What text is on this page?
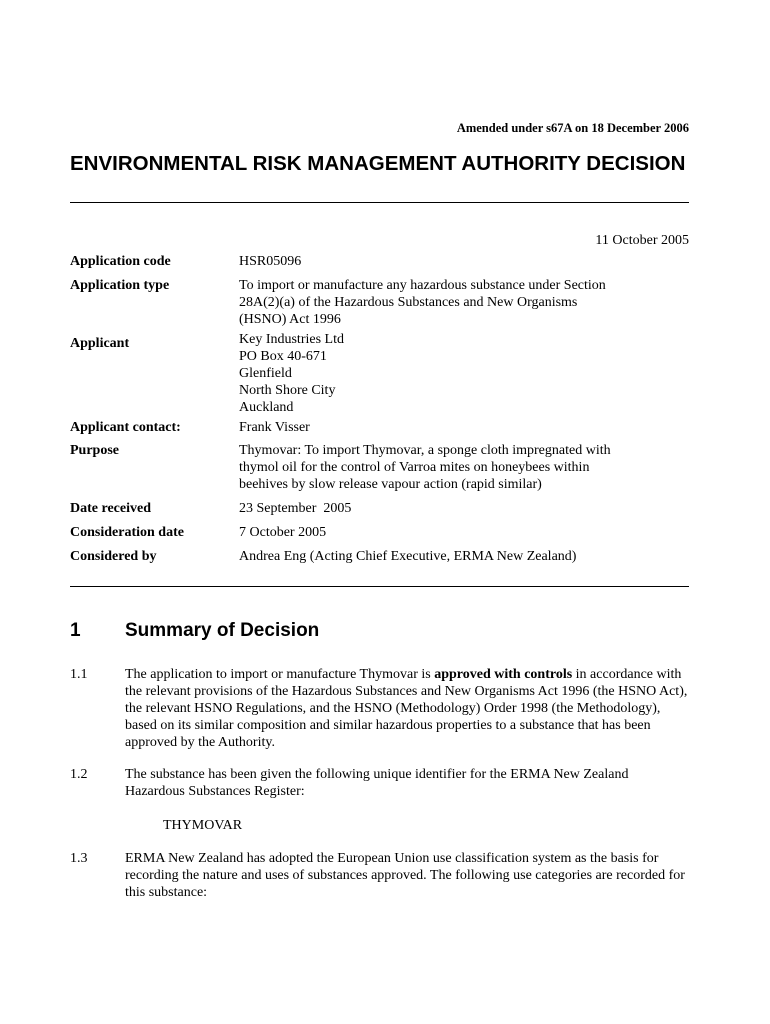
Amended under s67A on 18 December 2006
ENVIRONMENTAL RISK MANAGEMENT AUTHORITY DECISION
11 October 2005
Application code	HSR05096
Application type	To import or manufacture any hazardous substance under Section
28A(2)(a) of the Hazardous Substances and New Organisms
(HSNO) Act 1996
Applicant	Key Industries Ltd
PO Box 40-671
Glenfield
North Shore City
Auckland
Applicant contact:	Frank Visser
Purpose	Thymovar: To import Thymovar, a sponge cloth impregnated with
thymol oil for the control of Varroa mites on honeybees within
beehives by slow release vapour action (rapid similar)
Date received	23 September  2005
Consideration date	7 October 2005
Considered by	Andrea Eng (Acting Chief Executive, ERMA New Zealand)
1 Summary of Decision
1.1	The application to import or manufacture Thymovar is approved with controls in accordance with the relevant provisions of the Hazardous Substances and New Organisms Act 1996 (the HSNO Act), the relevant HSNO Regulations, and the HSNO (Methodology) Order 1998 (the Methodology), based on its similar composition and similar hazardous properties to a substance that has been approved by the Authority.
1.2	The substance has been given the following unique identifier for the ERMA New Zealand Hazardous Substances Register:
THYMOVAR
1.3	ERMA New Zealand has adopted the European Union use classification system as the basis for recording the nature and uses of substances approved. The following use categories are recorded for this substance:
